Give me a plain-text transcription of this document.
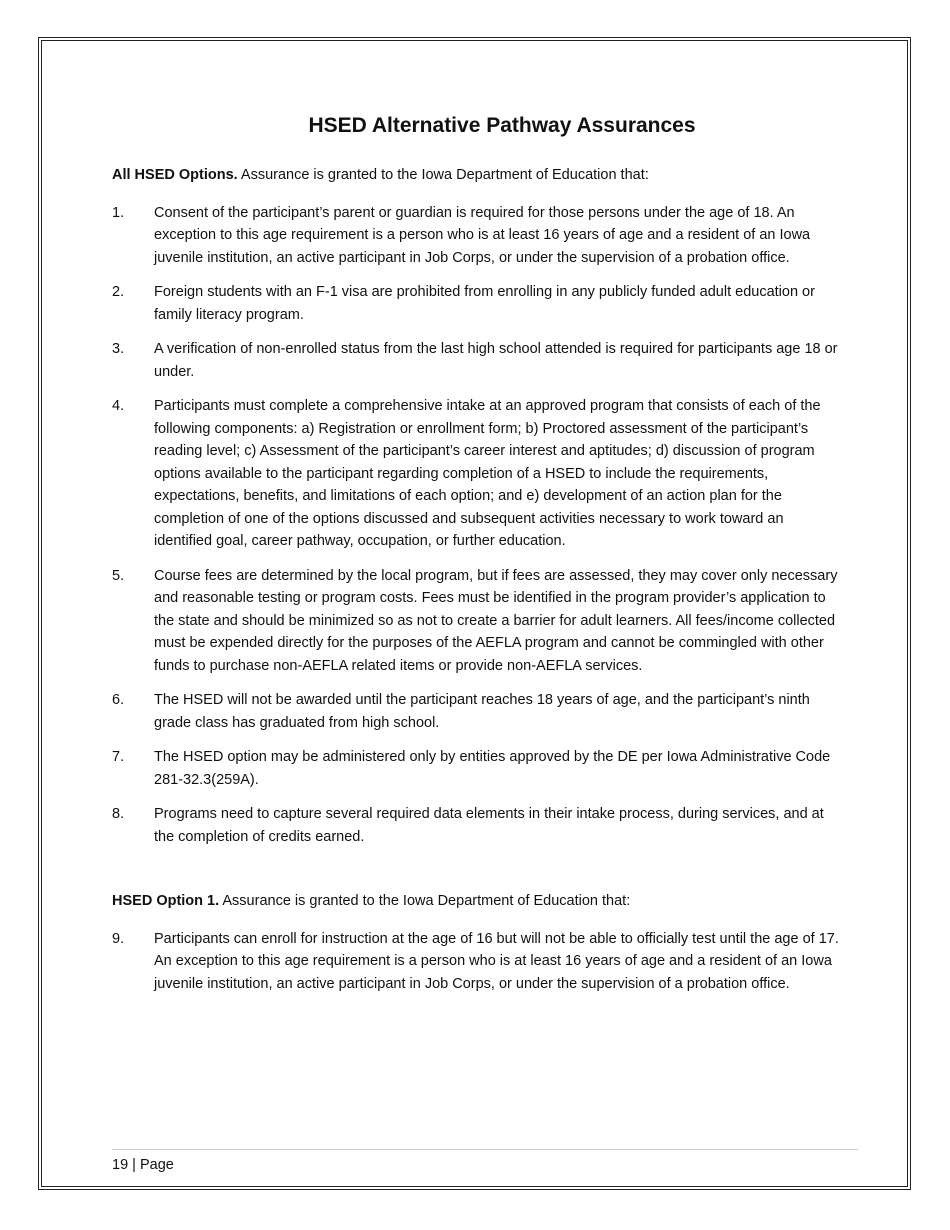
HSED Alternative Pathway Assurances

All HSED Options. Assurance is granted to the Iowa Department of Education that:

1.	Consent of the participant’s parent or guardian is required for those persons under the age of 18. An exception to this age requirement is a person who is at least 16 years of age and a resident of an Iowa juvenile institution, an active participant in Job Corps, or under the supervision of a probation office.
2.	Foreign students with an F-1 visa are prohibited from enrolling in any publicly funded adult education or family literacy program.
3.	A verification of non-enrolled status from the last high school attended is required for participants age 18 or under.
4.	Participants must complete a comprehensive intake at an approved program that consists of each of the following components: a) Registration or enrollment form; b) Proctored assessment of the participant’s reading level; c) Assessment of the participant’s career interest and aptitudes; d) discussion of program options available to the participant regarding completion of a HSED to include the requirements, expectations, benefits, and limitations of each option; and e) development of an action plan for the completion of one of the options discussed and subsequent activities necessary to work toward an identified goal, career pathway, occupation, or further education.
5.	Course fees are determined by the local program, but if fees are assessed, they may cover only necessary and reasonable testing or program costs. Fees must be identified in the program provider’s application to the state and should be minimized so as not to create a barrier for adult learners. All fees/income collected must be expended directly for the purposes of the AEFLA program and cannot be commingled with other funds to purchase non-AEFLA related items or provide non-AEFLA services.
6.	The HSED will not be awarded until the participant reaches 18 years of age, and the participant’s ninth grade class has graduated from high school.
7.	The HSED option may be administered only by entities approved by the DE per Iowa Administrative Code 281-32.3(259A).
8.	Programs need to capture several required data elements in their intake process, during services, and at the completion of credits earned.

HSED Option 1. Assurance is granted to the Iowa Department of Education that:

9.	Participants can enroll for instruction at the age of 16 but will not be able to officially test until the age of 17. An exception to this age requirement is a person who is at least 16 years of age and a resident of an Iowa juvenile institution, an active participant in Job Corps, or under the supervision of a probation office.
19 | Page
